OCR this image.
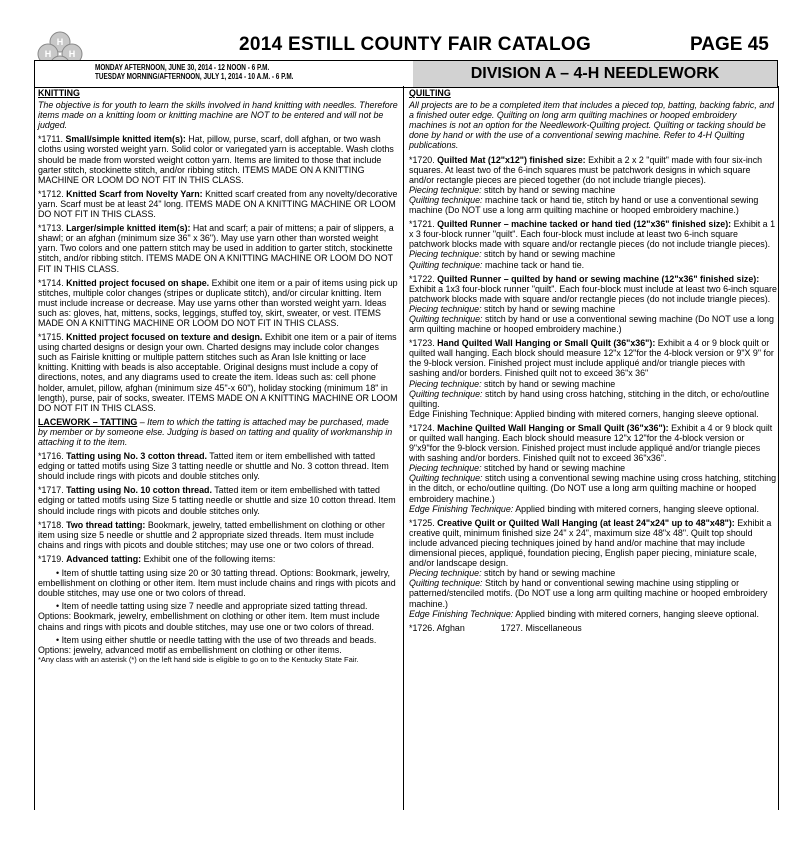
H
H H	2014 ESTILL COUNTY FAIR CATALOG	PAGE 45
MONDAY AFTERNOON, JUNE 30, 2014 - 12 NOON - 6 P.M.
TUESDAY MORNING/AFTERNOON, JULY 1, 2014 - 10 A.M. - 6 P.M.	DIVISION A – 4-H NEEDLEWORK
KNITTING

The objective is for youth to learn the skills involved in hand knitting with needles. Therefore items made on a knitting loom or knitting machine are NOT to be entered and will not be judged.

*1711. Small/simple knitted item(s): Hat, pillow, purse, scarf, doll afghan, or two wash cloths using worsted weight yarn. Solid color or variegated yarn is acceptable. Wash cloths should be made from worsted weight cotton yarn. Items are limited to those that include garter stitch, stockinette stitch, and/or ribbing stitch. ITEMS MADE ON A KNITTING MACHINE OR LOOM DO NOT FIT IN THIS CLASS.

*1712. Knitted Scarf from Novelty Yarn: Knitted scarf created from any novelty/decorative yarn. Scarf must be at least 24" long. ITEMS MADE ON A KNITTING MACHINE OR LOOM DO NOT FIT IN THIS CLASS.

*1713. Larger/simple knitted item(s): Hat and scarf; a pair of mittens; a pair of slippers, a shawl; or an afghan (minimum size 36" x 36"). May use yarn other than worsted weight yarn. Two colors and one pattern stitch may be used in addition to garter stitch, stockinette stitch, and/or ribbing stitch. ITEMS MADE ON A KNITTING MACHINE OR LOOM DO NOT FIT IN THIS CLASS.

*1714. Knitted project focused on shape. Exhibit one item or a pair of items using pick up stitches, multiple color changes (stripes or duplicate stitch), and/or circular knitting. Item must include increase or decrease. May use yarns other than worsted weight yarn. Ideas such as: gloves, hat, mittens, socks, leggings, stuffed toy, skirt, sweater, or vest. ITEMS MADE ON A KNITTING MACHINE OR LOOM DO NOT FIT IN THIS CLASS.

*1715. Knitted project focused on texture and design. Exhibit one item or a pair of items using charted designs or design your own. Charted designs may include color changes such as Fairisle knitting or multiple pattern stitches such as Aran Isle knitting or lace knitting. Knitting with beads is also acceptable. Original designs must include a copy of directions, notes, and any diagrams used to create the item. Ideas such as: cell phone holder, amulet, pillow, afghan (minimum size 45"-x 60"), holiday stocking (minimum 18" in length), purse, pair of socks, sweater. ITEMS MADE ON A KNITTING MACHINE OR LOOM DO NOT FIT IN THIS CLASS.

LACEWORK – TATTING – Item to which the tatting is attached may be purchased, made by member or by someone else. Judging is based on tatting and quality of workmanship in attaching it to the item.

*1716. Tatting using No. 3 cotton thread. Tatted item or item embellished with tatted edging or tatted motifs using Size 3 tatting needle or shuttle and No. 3 cotton thread. Item should include rings with picots and double stitches only.

*1717. Tatting using No. 10 cotton thread. Tatted item or item embellished with tatted edging or tatted motifs using Size 5 tatting needle or shuttle and size 10 cotton thread. Item should include rings with picots and double stitches only.

*1718. Two thread tatting: Bookmark, jewelry, tatted embellishment on clothing or other item using size 5 needle or shuttle and 2 appropriate sized threads. Item must include chains and rings with picots and double stitches; may use one or two colors of thread.

*1719. Advanced tatting: Exhibit one of the following items:

• Item of shuttle tatting using size 20 or 30 tatting thread. Options: Bookmark, jewelry, embellishment on clothing or other item. Item must include chains and rings with picots and double stitches, may use one or two colors of thread.

• Item of needle tatting using size 7 needle and appropriate sized tatting thread. Options: Bookmark, jewelry, embellishment on clothing or other item. Item must include chains and rings with picots and double stitches, may use one or two colors of thread.

• Item using either shuttle or needle tatting with the use of two threads and beads. Options: jewelry, advanced motif as embellishment on clothing or other items.

*Any class with an asterisk (*) on the left hand side is eligible to go on to the Kentucky State Fair.

QUILTING

All projects are to be a completed item that includes a pieced top, batting, backing fabric, and a finished outer edge. Quilting on long arm quilting machines or hooped embroidery machines is not an option for the Needlework-Quilting project. Quilting or tacking should be done by hand or with the use of a conventional sewing machine. Refer to 4-H Quilting publications.

*1720. Quilted Mat (12"x12") finished size: Exhibit a 2 x 2 "quilt" made with four six-inch squares. At least two of the 6-inch squares must be patchwork designs in which square and/or rectangle pieces are pieced together (do not include triangle pieces).
Piecing technique: stitch by hand or sewing machine
Quilting technique: machine tack or hand tie, stitch by hand or use a conventional sewing machine (Do NOT use a long arm quilting machine or hooped embroidery machine.)

*1721. Quilted Runner – machine tacked or hand tied (12"x36" finished size): Exhibit a 1 x 3 four-block runner "quilt". Each four-block must include at least two 6-inch square patchwork blocks made with square and/or rectangle pieces (do not include triangle pieces).
Piecing technique: stitch by hand or sewing machine
Quilting technique: machine tack or hand tie.

*1722. Quilted Runner – quilted by hand or sewing machine (12"x36" finished size): Exhibit a 1x3 four-block runner "quilt". Each four-block must include at least two 6-inch square patchwork blocks made with square and/or rectangle pieces (do not include triangle pieces).
Piecing technique: stitch by hand or sewing machine
Quilting technique: stitch by hand or use a conventional sewing machine (Do NOT use a long arm quilting machine or hooped embroidery machine.)

*1723. Hand Quilted Wall Hanging or Small Quilt (36"x36"): Exhibit a 4 or 9 block quilt or quilted wall hanging. Each block should measure 12"x 12"for the 4-block version or 9"X 9" for the 9-block version. Finished project must include appliqué and/or triangle pieces with sashing and/or borders. Finished quilt not to exceed 36"x 36"
Piecing technique: stitch by hand or sewing machine
Quilting technique: stitch by hand using cross hatching, stitching in the ditch, or echo/outline quilting.
Edge Finishing Technique: Applied binding with mitered corners, hanging sleeve optional.

*1724. Machine Quilted Wall Hanging or Small Quilt (36"x36"): Exhibit a 4 or 9 block quilt or quilted wall hanging. Each block should measure 12"x 12"for the 4-block version or 9"x9"for the 9-block version. Finished project must include appliqué and/or triangle pieces with sashing and/or borders. Finished quilt not to exceed 36"x36".
Piecing technique: stitched by hand or sewing machine
Quilting technique: stitch using a conventional sewing machine using cross hatching, stitching in the ditch, or echo/outline quilting. (Do NOT use a long arm quilting machine or hooped embroidery machine.)
Edge Finishing Technique: Applied binding with mitered corners, hanging sleeve optional.

*1725. Creative Quilt or Quilted Wall Hanging (at least 24"x24" up to 48"x48"): Exhibit a creative quilt, minimum finished size 24" x 24", maximum size 48"x 48". Quilt top should include advanced piecing techniques joined by hand and/or machine that may include dimensional pieces, appliqué, foundation piecing, English paper piecing, miniature scale, and/or landscape design.
Piecing technique: stitch by hand or sewing machine
Quilting technique: Stitch by hand or conventional sewing machine using stippling or patterned/stenciled motifs. (Do NOT use a long arm quilting machine or hooped embroidery machine.)
Edge Finishing Technique: Applied binding with mitered corners, hanging sleeve optional.

*1726. Afghan	1727. Miscellaneous
